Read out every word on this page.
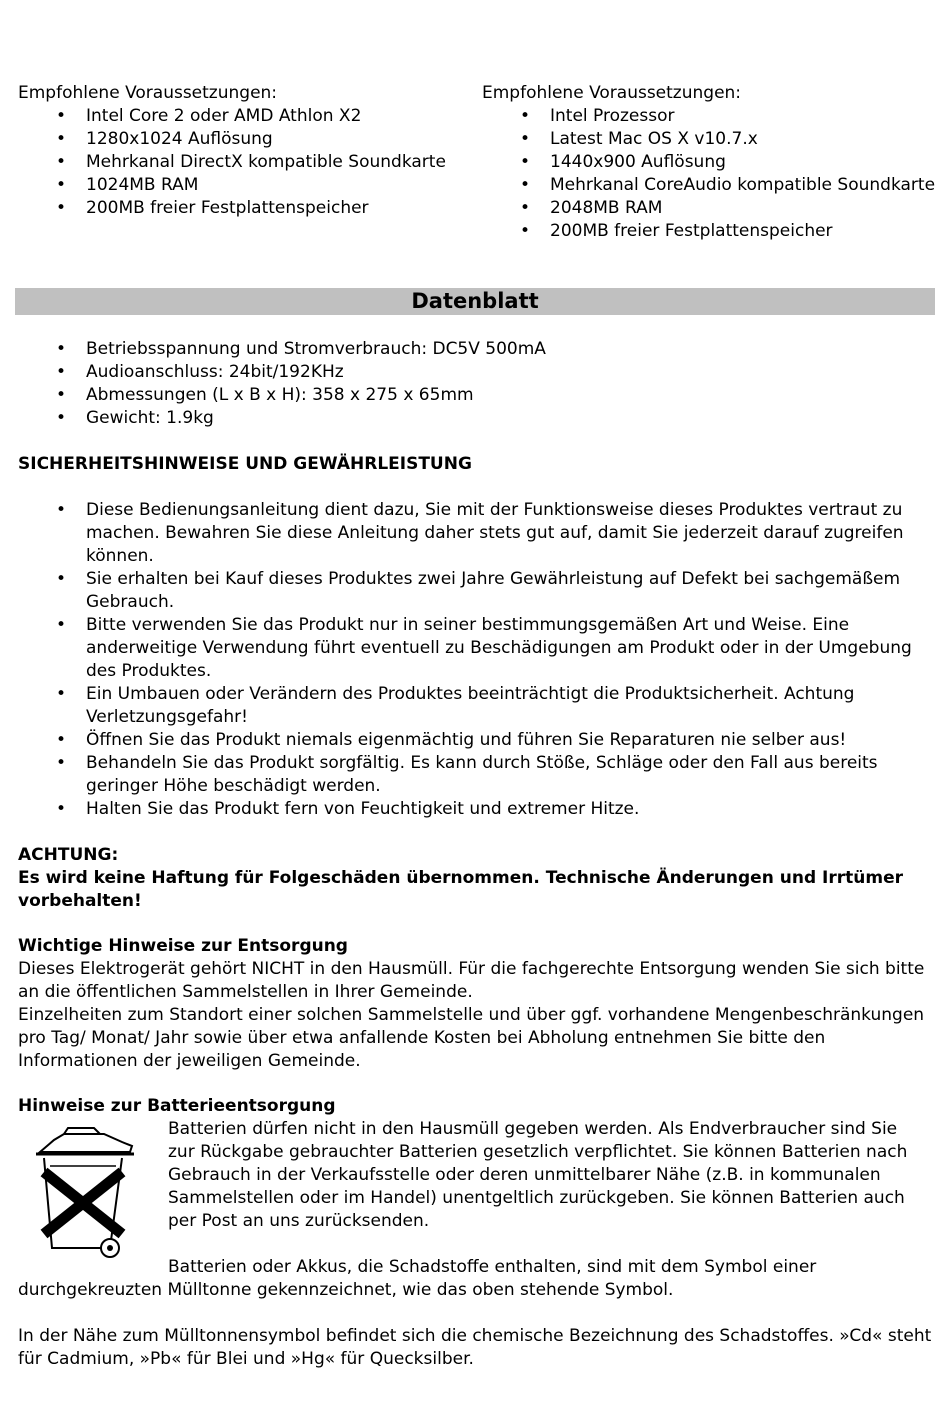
Empfohlene Voraussetzungen:

• Intel Core 2 oder AMD Athlon X2
• 1280x1024 Auflösung
• Mehrkanal DirectX kompatible Soundkarte
• 1024MB RAM
• 200MB freier Festplattenspeicher

Empfohlene Voraussetzungen:

• Intel Prozessor
• Latest Mac OS X v10.7.x
• 1440x900 Auflösung
• Mehrkanal CoreAudio kompatible Soundkarte
• 2048MB RAM
• 200MB freier Festplattenspeicher
Datenblatt
• Betriebsspannung und Stromverbrauch: DC5V 500mA
• Audioanschluss: 24bit/192KHz
• Abmessungen (L x B x H): 358 x 275 x 65mm
• Gewicht: 1.9kg
SICHERHEITSHINWEISE UND GEWÄHRLEISTUNG
• Diese Bedienungsanleitung dient dazu, Sie mit der Funktionsweise dieses Produktes vertraut zu machen. Bewahren Sie diese Anleitung daher stets gut auf, damit Sie jederzeit darauf zugreifen können.
• Sie erhalten bei Kauf dieses Produktes zwei Jahre Gewährleistung auf Defekt bei sachgemäßem Gebrauch.
• Bitte verwenden Sie das Produkt nur in seiner bestimmungsgemäßen Art und Weise. Eine anderweitige Verwendung führt eventuell zu Beschädigungen am Produkt oder in der Umgebung des Produktes.
• Ein Umbauen oder Verändern des Produktes beeinträchtigt die Produktsicherheit. Achtung Verletzungsgefahr!
• Öffnen Sie das Produkt niemals eigenmächtig und führen Sie Reparaturen nie selber aus!
• Behandeln Sie das Produkt sorgfältig. Es kann durch Stöße, Schläge oder den Fall aus bereits geringer Höhe beschädigt werden.
• Halten Sie das Produkt fern von Feuchtigkeit und extremer Hitze.

ACHTUNG:

Es wird keine Haftung für Folgeschäden übernommen. Technische Änderungen und Irrtümer vorbehalten!

Wichtige Hinweise zur Entsorgung

Dieses Elektrogerät gehört NICHT in den Hausmüll. Für die fachgerechte Entsorgung wenden Sie sich bitte an die öffentlichen Sammelstellen in Ihrer Gemeinde.

Einzelheiten zum Standort einer solchen Sammelstelle und über ggf. vorhandene Mengenbeschränkungen pro Tag/ Monat/ Jahr sowie über etwa anfallende Kosten bei Abholung entnehmen Sie bitte den Informationen der jeweiligen Gemeinde.

Hinweise zur Batterieentsorgung
Batterien dürfen nicht in den Hausmüll gegeben werden. Als Endverbraucher sind Sie zur Rückgabe gebrauchter Batterien gesetzlich verpflichtet. Sie können Batterien nach Gebrauch in der Verkaufsstelle oder deren unmittelbarer Nähe (z.B. in kommunalen Sammelstellen oder im Handel) unentgeltlich zurückgeben. Sie können Batterien auch per Post an uns zurücksenden.
Batterien oder Akkus, die Schadstoffe enthalten, sind mit dem Symbol einer durchgekreuzten Mülltonne gekennzeichnet, wie das oben stehende Symbol.
In der Nähe zum Mülltonnensymbol befindet sich die chemische Bezeichnung des Schadstoffes. »Cd« steht für Cadmium, »Pb« für Blei und »Hg« für Quecksilber.
